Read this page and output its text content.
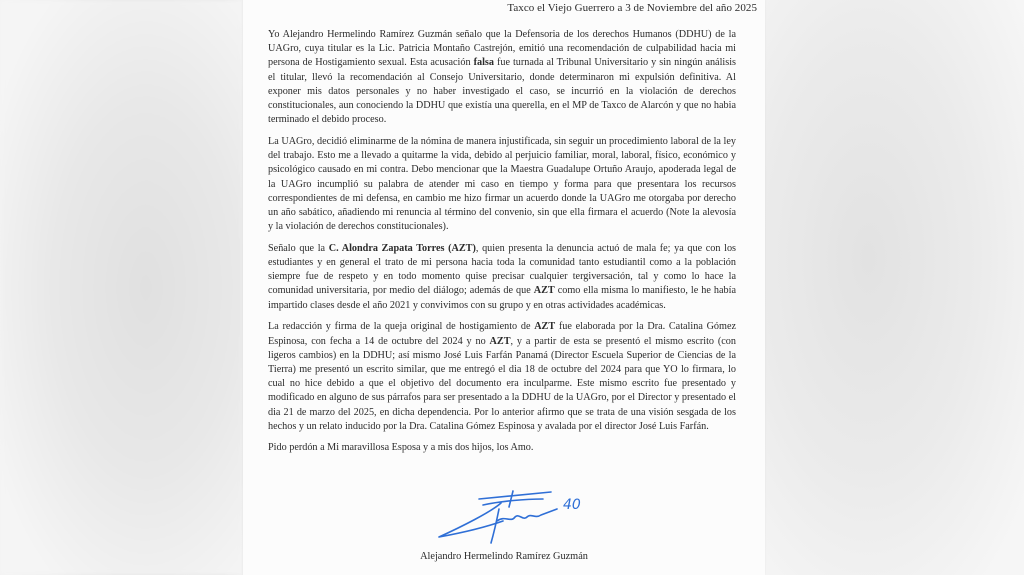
Taxco el Viejo Guerrero a 3 de Noviembre del año 2025

Yo Alejandro Hermelindo Ramírez Guzmán señalo que la Defensoria de los derechos Humanos (DDHU) de la UAGro, cuya titular es la Lic. Patricia Montaño Castrejón, emitió una recomendación de culpabilidad hacia mi persona de Hostigamiento sexual. Esta acusación falsa fue turnada al Tribunal Universitario y sin ningún análisis el titular, llevó la recomendación al Consejo Universitario, donde determinaron mi expulsión definitiva. Al exponer mis datos personales y no haber investigado el caso, se incurrió en la violación de derechos constitucionales, aun conociendo la DDHU que existía una querella, en el MP de Taxco de Alarcón y que no habia terminado el debido proceso.

La UAGro, decidió eliminarme de la nómina de manera injustificada, sin seguir un procedimiento laboral de la ley del trabajo. Esto me a llevado a quitarme la vida, debido al perjuicio familiar, moral, laboral, físico, económico y psicológico causado en mi contra. Debo mencionar que la Maestra Guadalupe Ortuño Araujo, apoderada legal de la UAGro incumplió su palabra de atender mi caso en tiempo y forma para que presentara los recursos correspondientes de mi defensa, en cambio me hizo firmar un acuerdo donde la UAGro me otorgaba por derecho un año sabático, añadiendo mi renuncia al término del convenio, sin que ella firmara el acuerdo (Note la alevosía y la violación de derechos constitucionales).

Señalo que la C. Alondra Zapata Torres (AZT), quien presenta la denuncia actuó de mala fe; ya que con los estudiantes y en general el trato de mi persona hacia toda la comunidad tanto estudiantil como a la población siempre fue de respeto y en todo momento quise precisar cualquier tergiversación, tal y como lo hace la comunidad universitaria, por medio del diálogo; además de que AZT como ella misma lo manifiesto, le he había impartido clases desde el año 2021 y convivimos con su grupo y en otras actividades académicas.

La redacción y firma de la queja original de hostigamiento de AZT fue elaborada por la Dra. Catalina Gómez Espinosa, con fecha a 14 de octubre del 2024 y no AZT, y a partir de esta se presentó el mismo escrito (con ligeros cambios) en la DDHU; así mismo José Luis Farfán Panamá (Director Escuela Superior de Ciencias de la Tierra) me presentó un escrito similar, que me entregó el dia 18 de octubre del 2024 para que YO lo firmara, lo cual no hice debido a que el objetivo del documento era inculparme. Este mismo escrito fue presentado y modificado en alguno de sus párrafos para ser presentado a la DDHU de la UAGro, por el Director y presentado el dia 21 de marzo del 2025, en dicha dependencia. Por lo anterior afirmo que se trata de una visión sesgada de los hechos y un relato inducido por la Dra. Catalina Gómez Espinosa y avalada por el director José Luis Farfán.

Pido perdón a Mi maravillosa Esposa y a mis dos hijos, los Amo.

40
Alejandro Hermelindo Ramírez Guzmán
